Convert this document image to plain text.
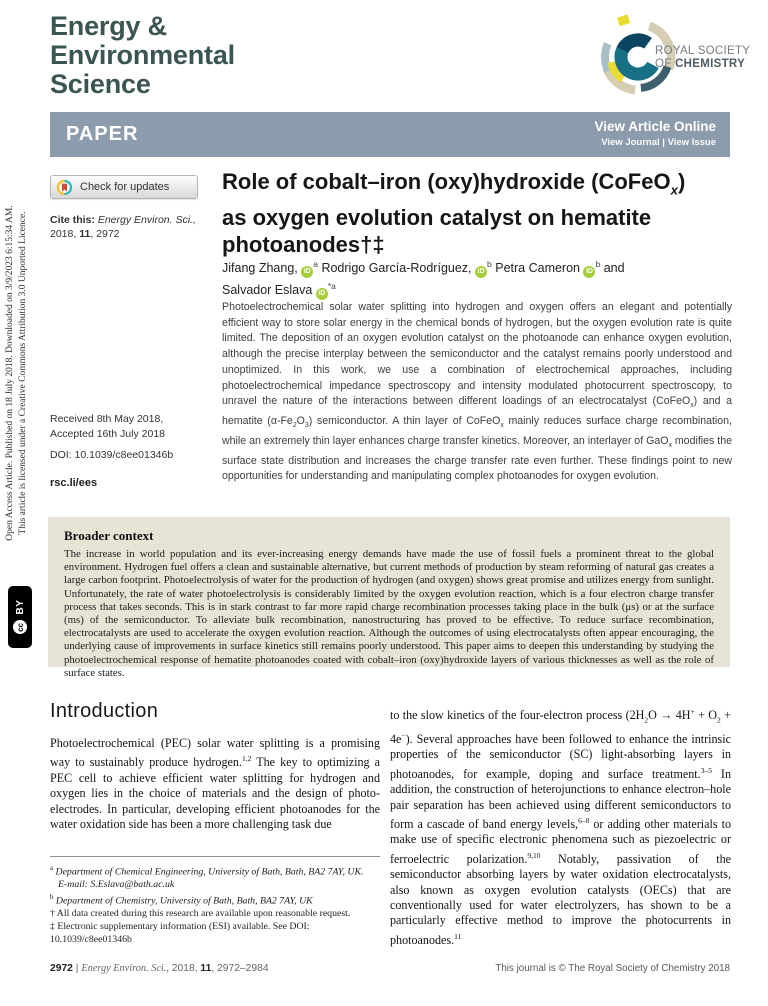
Open Access Article. Published on 18 July 2018. Downloaded on 3/9/2023 6:15:34 AM. This article is licensed under a Creative Commons Attribution 3.0 Unported Licence.
cc
BY
Energy &
Environmental
Science
ROYAL SOCIETY
OF CHEMISTRY
PAPER	View Article Online
View Journal | View Issue
Check for updates
Cite this: Energy Environ. Sci.,
2018, 11, 2972
Received 8th May 2018,
Accepted 16th July 2018
DOI: 10.1039/c8ee01346b
rsc.li/ees
Role of cobalt–iron (oxy)hydroxide (CoFeO$_x$)
as oxygen evolution catalyst on hematite
photoanodes†‡
Jifang Zhang, $iD^a$ Rodrigo García-Rodríguez, $iD^b$ Petra Cameron $iD^b$ and
Salvador Eslava $iD^{*a}$

Photoelectrochemical solar water splitting into hydrogen and oxygen offers an elegant and potentially efficient way to store solar energy in the chemical bonds of hydrogen, but the oxygen evolution rate is quite limited. The deposition of an oxygen evolution catalyst on the photoanode can enhance oxygen evolution, although the precise interplay between the semiconductor and the catalyst remains poorly understood and unoptimized. In this work, we use a combination of electrochemical approaches, including photoelectrochemical impedance spectroscopy and intensity modulated photocurrent spectroscopy, to unravel the nature of the interactions between different loadings of an electrocatalyst (CoFeO$_x$) and a hematite $(\alpha-Fe_2O_3)$ semiconductor. A thin layer of CoFeO$_x$ mainly reduces surface charge recombination, while an extremely thin layer enhances charge transfer kinetics. Moreover, an interlayer of GaO$_x$ modifies the surface state distribution and increases the charge transfer rate even further. These findings point to new opportunities for understanding and manipulating complex photoanodes for oxygen evolution.

Broader context

The increase in world population and its ever-increasing energy demands have made the use of fossil fuels a prominent threat to the global environment. Hydrogen fuel offers a clean and sustainable alternative, but current methods of production by steam reforming of natural gas creates a large carbon footprint. Photoelectrolysis of water for the production of hydrogen (and oxygen) shows great promise and utilizes energy from sunlight. Unfortunately, the rate of water photoelectrolysis is considerably limited by the oxygen evolution reaction, which is a four electron charge transfer process that takes seconds. This is in stark contrast to far more rapid charge recombination processes taking place in the bulk (μs) or at the surface (ms) of the semiconductor. To alleviate bulk recombination, nanostructuring has proved to be effective. To reduce surface recombination, electrocatalysts are used to accelerate the oxygen evolution reaction. Although the outcomes of using electrocatalysts often appear encouraging, the underlying cause of improvements in surface kinetics still remains poorly understood. This paper aims to deepen this understanding by studying the photoelectrochemical response of hematite photoanodes coated with cobalt–iron (oxy)hydroxide layers of various thicknesses as well as the role of surface states.

Introduction

Photoelectrochemical (PEC) solar water splitting is a promising way to sustainably produce hydrogen.$^{1,2}$ The key to optimizing a PEC cell to achieve efficient water splitting for hydrogen and oxygen lies in the choice of materials and the design of photo-electrodes. In particular, developing efficient photoanodes for the water oxidation side has been a more challenging task due

$^a$ Department of Chemical Engineering, University of Bath, Bath, BA2 7AY, UK.
E-mail: S.Eslava@bath.ac.uk
$^b$ Department of Chemistry, University of Bath, Bath, BA2 7AY, UK
† All data created during this research are available upon reasonable request.
‡ Electronic supplementary information (ESI) available. See DOI: 10.1039/c8ee01346b

to the slow kinetics of the four-electron process $(2H_2O \to 4H^+ + O_2 + 4e^-)$. Several approaches have been followed to enhance the intrinsic properties of the semiconductor (SC) light-absorbing layers in photoanodes, for example, doping and surface treatment.$^{3-5}$ In addition, the construction of heterojunctions to enhance electron–hole pair separation has been achieved using different semiconductors to form a cascade of band energy levels,$^{6-8}$ or adding other materials to make use of specific electronic phenomena such as piezoelectric or ferroelectric polarization.$^{9,10}$ Notably, passivation of the semiconductor absorbing layers by water oxidation electrocatalysts, also known as oxygen evolution catalysts (OECs) that are conventionally used for water electrolyzers, has shown to be a particularly effective method to improve the photocurrents in photoanodes.$^{11}$

2972 | Energy Environ. Sci., 2018, 11, 2972–2984	This journal is © The Royal Society of Chemistry 2018
